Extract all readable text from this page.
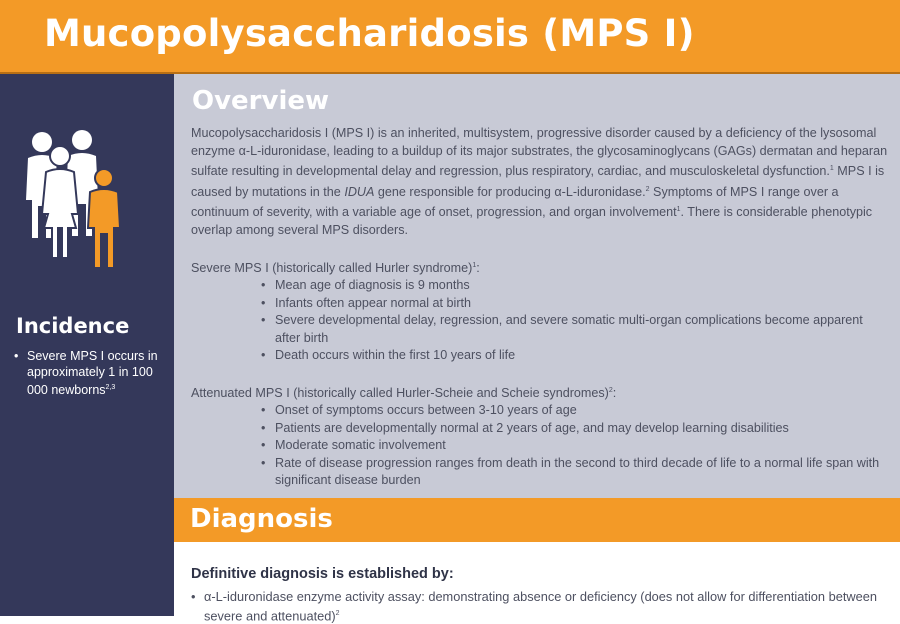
Mucopolysaccharidosis (MPS I)
Incidence
• Severe MPS I occurs in approximately 1 in 100 000 newborns$^{2,3}$
Overview

Mucopolysaccharidosis I (MPS I) is an inherited, multisystem, progressive disorder caused by a deficiency of the lysosomal enzyme α-L-iduronidase, leading to a buildup of its major substrates, the glycosaminoglycans (GAGs) dermatan and heparan sulfate resulting in developmental delay and regression, plus respiratory, cardiac, and musculoskeletal dysfunction.$^1$ MPS I is caused by mutations in the IDUA gene responsible for producing α-L-iduronidase.$^2$ Symptoms of MPS I range over a continuum of severity, with a variable age of onset, progression, and organ involvement$^1$. There is considerable phenotypic overlap among several MPS disorders.

Severe MPS I (historically called Hurler syndrome)$^1$:

• Mean age of diagnosis is 9 months
• Infants often appear normal at birth
• Severe developmental delay, regression, and severe somatic multi-organ complications become apparent after birth
• Death occurs within the first 10 years of life

Attenuated MPS I (historically called Hurler-Scheie and Scheie syndromes)$^2$:

• Onset of symptoms occurs between 3-10 years of age
• Patients are developmentally normal at 2 years of age, and may develop learning disabilities
• Moderate somatic involvement
• Rate of disease progression ranges from death in the second to third decade of life to a normal life span with significant disease burden
Diagnosis

Definitive diagnosis is established by:

• α-L-iduronidase enzyme activity assay: demonstrating absence or deficiency (does not allow for differentiation between severe and attenuated)$^2$
